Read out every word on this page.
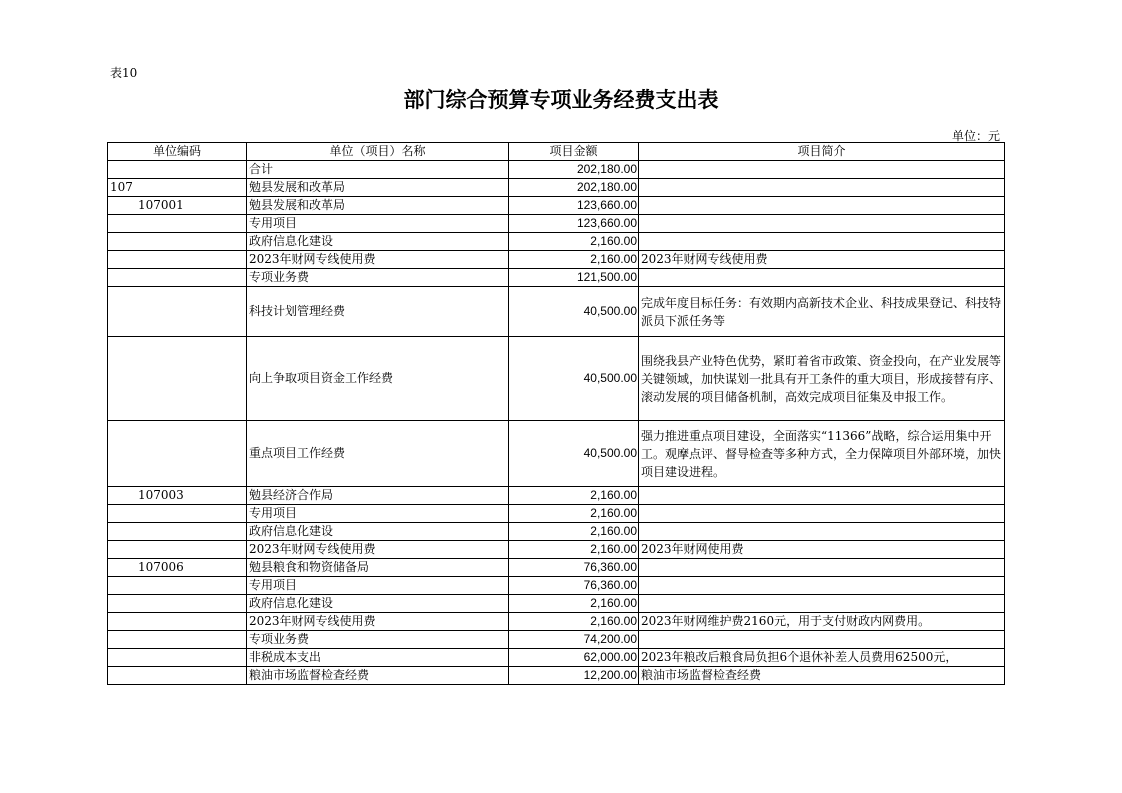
表10
部门综合预算专项业务经费支出表
单位：元
单位编码	单位（项目）名称	项目金额	项目简介
	合计	202,180.00	
107	勉县发展和改革局	202,180.00	
107001	勉县发展和改革局	123,660.00	
	专用项目	123,660.00	
	政府信息化建设	2,160.00	
	2023年财网专线使用费	2,160.00	2023年财网专线使用费
	专项业务费	121,500.00	
	科技计划管理经费	40,500.00	完成年度目标任务：有效期内高新技术企业、科技成果登记、科技特派员下派任务等
	向上争取项目资金工作经费	40,500.00	围绕我县产业特色优势，紧盯着省市政策、资金投向，在产业发展等关键领域，加快谋划一批具有开工条件的重大项目，形成接替有序、滚动发展的项目储备机制，高效完成项目征集及申报工作。
	重点项目工作经费	40,500.00	强力推进重点项目建设，全面落实“11366”战略，综合运用集中开工。观摩点评、督导检查等多种方式，全力保障项目外部环境，加快项目建设进程。
107003	勉县经济合作局	2,160.00	
	专用项目	2,160.00	
	政府信息化建设	2,160.00	
	2023年财网专线使用费	2,160.00	2023年财网使用费
107006	勉县粮食和物资储备局	76,360.00	
	专用项目	76,360.00	
	政府信息化建设	2,160.00	
	2023年财网专线使用费	2,160.00	2023年财网维护费2160元，用于支付财政内网费用。
	专项业务费	74,200.00	
	非税成本支出	62,000.00	2023年粮改后粮食局负担6个退休补差人员费用62500元，
	粮油市场监督检查经费	12,200.00	粮油市场监督检查经费
